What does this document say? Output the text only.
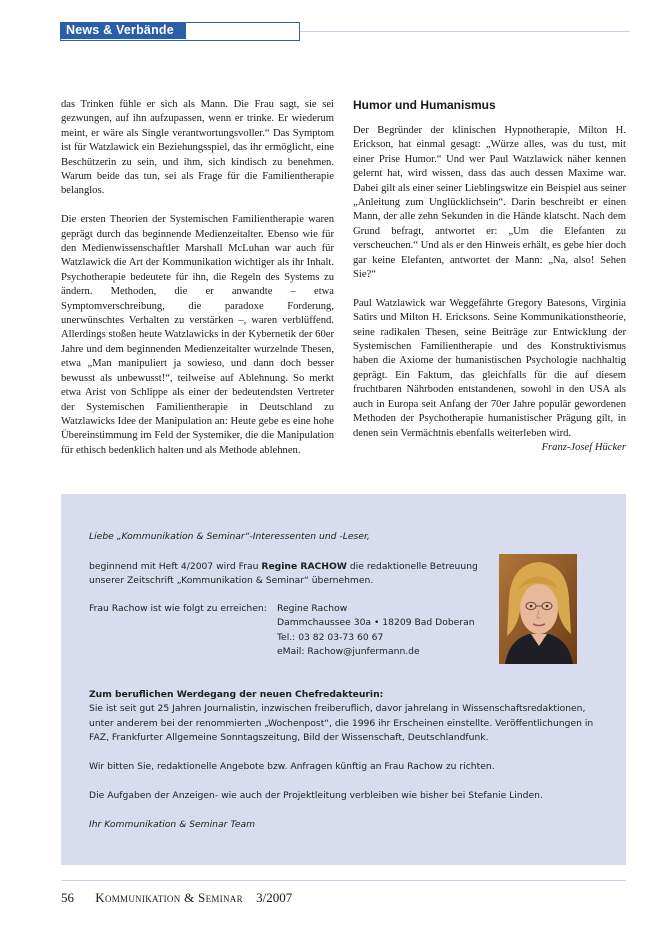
News & Verbände

das Trinken fühle er sich als Mann. Die Frau sagt, sie sei gezwungen, auf ihn aufzupassen, wenn er trinke. Er wiederum meint, er wäre als Single verantwortungsvoller.“ Das Symptom ist für Watzlawick ein Beziehungsspiel, das ihr ermöglicht, eine Beschützerin zu sein, und ihm, sich kindisch zu benehmen. Warum beide das tun, sei als Frage für die Familientherapie belanglos.

Die ersten Theorien der Systemischen Familientherapie waren geprägt durch das beginnende Medienzeitalter. Ebenso wie für den Medienwissenschaftler Marshall McLuhan war auch für Watzlawick die Art der Kommunikation wichtiger als ihr Inhalt. Psychotherapie bedeutete für ihn, die Regeln des Systems zu ändern. Methoden, die er anwandte – etwa Symptomverschreibung, die paradoxe Forderung, unerwünschtes Verhalten zu verstärken –, waren verblüffend. Allerdings stoßen heute Watzlawicks in der Kybernetik der 60er Jahre und dem beginnenden Medienzeitalter wurzelnde Thesen, etwa „Man manipuliert ja sowieso, und dann doch besser bewusst als unbewusst!“, teilweise auf Ablehnung. So merkt etwa Arist von Schlippe als einer der bedeutendsten Vertreter der Systemischen Familientherapie in Deutschland zu Watzlawicks Idee der Manipulation an: Heute gebe es eine hohe Übereinstimmung im Feld der Systemiker, die die Manipulation für ethisch bedenklich halten und als Methode ablehnen.

Humor und Humanismus

Der Begründer der klinischen Hypnotherapie, Milton H. Erickson, hat einmal gesagt: „Würze alles, was du tust, mit einer Prise Humor.“ Und wer Paul Watzlawick näher kennen gelernt hat, wird wissen, dass das auch dessen Maxime war. Dabei gilt als einer seiner Lieblingswitze ein Beispiel aus seiner „Anleitung zum Unglücklichsein“. Darin beschreibt er einen Mann, der alle zehn Sekunden in die Hände klatscht. Nach dem Grund befragt, antwortet er: „Um die Elefanten zu verscheuchen.“ Und als er den Hinweis erhält, es gebe hier doch gar keine Elefanten, antwortet der Mann: „Na, also! Sehen Sie?“

Paul Watzlawick war Weggefährte Gregory Batesons, Virginia Satirs und Milton H. Ericksons. Seine Kommunikationstheorie, seine radikalen Thesen, seine Beiträge zur Entwicklung der Systemischen Familientherapie und des Konstruktivismus haben die Axiome der humanistischen Psychologie nachhaltig geprägt. Ein Faktum, das gleichfalls für die auf diesem fruchtbaren Nährboden entstandenen, sowohl in den USA als auch in Europa seit Anfang der 70er Jahre populär gewordenen Methoden der Psychotherapie humanistischer Prägung gilt, in denen sein Vermächtnis ebenfalls weiterleben wird.

Franz-Josef Hücker
Liebe „Kommunikation & Seminar“-Interessenten und -Leser,
beginnend mit Heft 4/2007 wird Frau Regine RACHOW die redaktionelle Betreuung unserer Zeitschrift „Kommunikation & Seminar“ übernehmen.
Frau Rachow ist wie folgt zu erreichen: Regine Rachow
Dammchaussee 30a • 18209 Bad Doberan
Tel.: 03 82 03-73 60 67
eMail: Rachow@junfermann.de
Zum beruflichen Werdegang der neuen Chefredakteurin:
Sie ist seit gut 25 Jahren Journalistin, inzwischen freiberuflich, davor jahrelang in Wissenschaftsredaktionen, unter anderem bei der renommierten „Wochenpost“, die 1996 ihr Erscheinen einstellte. Veröffentlichungen in FAZ, Frankfurter Allgemeine Sonntagszeitung, Bild der Wissenschaft, Deutschlandfunk.
Wir bitten Sie, redaktionelle Angebote bzw. Anfragen künftig an Frau Rachow zu richten.
Die Aufgaben der Anzeigen- wie auch der Projektleitung verbleiben wie bisher bei Stefanie Linden.
Ihr Kommunikation & Seminar Team
56 Kommunikation & Seminar 3/2007
